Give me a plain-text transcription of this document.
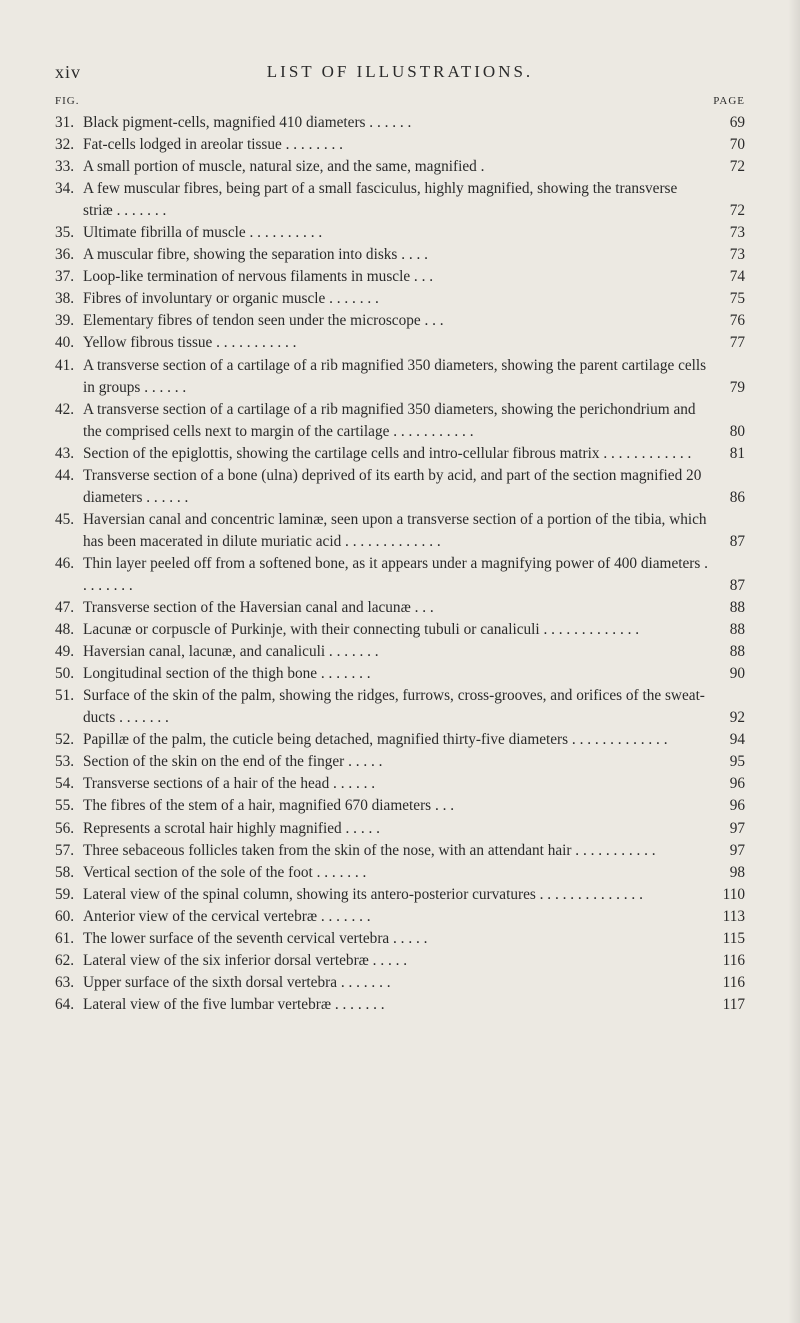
xiv	LIST OF ILLUSTRATIONS.
FIG.	PAGE
31. Black pigment-cells, magnified 410 diameters . . . . . .	69
32. Fat-cells lodged in areolar tissue . . . . . . . .	70
33. A small portion of muscle, natural size, and the same, magnified .	72
34. A few muscular fibres, being part of a small fasciculus, highly magnified, showing the transverse striæ . . . . . . .	72
35. Ultimate fibrilla of muscle . . . . . . . . . .	73
36. A muscular fibre, showing the separation into disks . . . .	73
37. Loop-like termination of nervous filaments in muscle . . .	74
38. Fibres of involuntary or organic muscle . . . . . . .	75
39. Elementary fibres of tendon seen under the microscope . . .	76
40. Yellow fibrous tissue . . . . . . . . . . .	77
41. A transverse section of a cartilage of a rib magnified 350 diameters, showing the parent cartilage cells in groups . . . . . .	79
42. A transverse section of a cartilage of a rib magnified 350 diameters, showing the perichondrium and the comprised cells next to margin of the cartilage . . . . . . . . . . .	80
43. Section of the epiglottis, showing the cartilage cells and intro-cellular fibrous matrix . . . . . . . . . . . .	81
44. Transverse section of a bone (ulna) deprived of its earth by acid, and part of the section magnified 20 diameters . . . . . .	86
45. Haversian canal and concentric laminæ, seen upon a transverse section of a portion of the tibia, which has been macerated in dilute muriatic acid . . . . . . . . . . . . .	87
46. Thin layer peeled off from a softened bone, as it appears under a magnifying power of 400 diameters . . . . . . . .	87
47. Transverse section of the Haversian canal and lacunæ . . .	88
48. Lacunæ or corpuscle of Purkinje, with their connecting tubuli or canaliculi . . . . . . . . . . . . .	88
49. Haversian canal, lacunæ, and canaliculi . . . . . . .	88
50. Longitudinal section of the thigh bone . . . . . . .	90
51. Surface of the skin of the palm, showing the ridges, furrows, cross-grooves, and orifices of the sweat-ducts . . . . . . .	92
52. Papillæ of the palm, the cuticle being detached, magnified thirty-five diameters . . . . . . . . . . . . .	94
53. Section of the skin on the end of the finger . . . . .	95
54. Transverse sections of a hair of the head . . . . . .	96
55. The fibres of the stem of a hair, magnified 670 diameters . . .	96
56. Represents a scrotal hair highly magnified . . . . .	97
57. Three sebaceous follicles taken from the skin of the nose, with an attendant hair . . . . . . . . . . .	97
58. Vertical section of the sole of the foot . . . . . . .	98
59. Lateral view of the spinal column, showing its antero-posterior curvatures . . . . . . . . . . . . . .	110
60. Anterior view of the cervical vertebræ . . . . . . .	113
61. The lower surface of the seventh cervical vertebra . . . . .	115
62. Lateral view of the six inferior dorsal vertebræ . . . . .	116
63. Upper surface of the sixth dorsal vertebra . . . . . . .	116
64. Lateral view of the five lumbar vertebræ . . . . . . .	117
